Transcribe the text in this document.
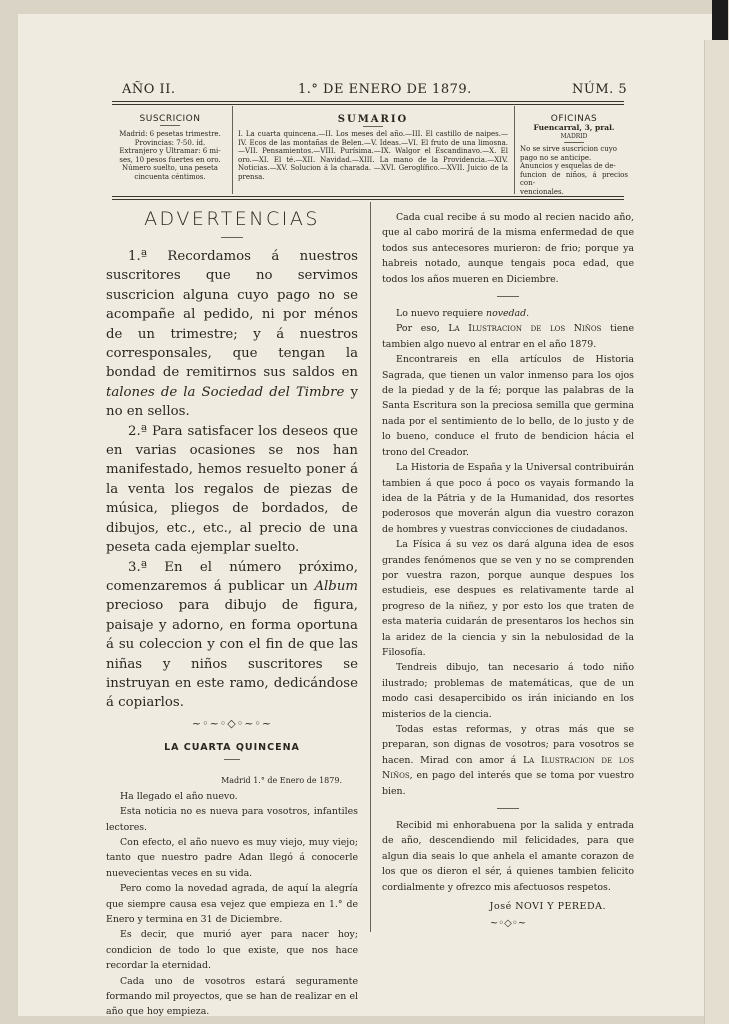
AÑO II.	1.° DE ENERO DE 1879.	NÚM. 5
SUSCRICION
Madrid: 6 pesetas trimestre.
Provincias: 7·50. íd.
Extranjero y Ultramar: 6 mi-
ses, 10 pesos fuertes en oro.
Número suelto, una peseta
cincuenta céntimos.
SUMARIO
I. La cuarta quincena.—II. Los meses del año.—III. El castillo de naipes.—IV. Ecos de las montañas de Belen.—V. Ideas.—VI. El fruto de una limosna.—VII. Pensamientos.—VIII. Purísima.—IX. Walgor el Escandinavo.—X. El oro.—XI. El té.—XII. Navidad.—XIII. La mano de la Providencia.—XIV. Noticias.—XV. Solucion á la charada. —XVI. Geroglífico.—XVII. Juicio de la prensa.
OFICINAS
Fuencarral, 3, pral.
MADRID
No se sirve suscricion cuyo
pago no se anticipe.
Anuncios y esquelas de de-
funcion de niños, á precios con-
vencionales.
ADVERTENCIAS

1.ª Recordamos á nuestros suscritores que no servimos suscricion alguna cuyo pago no se acompañe al pedido, ni por ménos de un trimestre; y á nuestros corresponsales, que tengan la bondad de remitirnos sus saldos en talones de la Sociedad del Timbre y no en sellos.

2.ª Para satisfacer los deseos que en varias ocasiones se nos han manifestado, hemos resuelto poner á la venta los regalos de piezas de música, pliegos de bordados, de dibujos, etc., etc., al precio de una peseta cada ejemplar suelto.

3.ª En el número próximo, comenzaremos á publicar un Album precioso para dibujo de figura, paisaje y adorno, en forma oportuna á su coleccion y con el fin de que las niñas y niños suscritores se instruyan en este ramo, dedicándose á copiarlos.

~◦~◦◇◦~◦~
LA CUARTA QUINCENA
Madrid 1.° de Enero de 1879.

Ha llegado el año nuevo.

Esta noticia no es nueva para vosotros, infantiles lectores.

Con efecto, el año nuevo es muy viejo, muy viejo; tanto que nuestro padre Adan llegó á conocerle nuevecientas veces en su vida.

Pero como la novedad agrada, de aquí la alegría que siempre causa esa vejez que empieza en 1.° de Enero y termina en 31 de Diciembre.

Es decir, que murió ayer para nacer hoy; condicion de todo lo que existe, que nos hace recordar la eternidad.

Cada uno de vosotros estará seguramente formando mil proyectos, que se han de realizar en el año que hoy empieza.

Cada cual recibe á su modo al recien nacido año, que al cabo morirá de la misma enfermedad de que todos sus antecesores murieron: de frio; porque ya habreis notado, aunque tengais poca edad, que todos los años mueren en Diciembre.

Lo nuevo requiere novedad.

Por eso, La Ilustracion de los Niños tiene tambien algo nuevo al entrar en el año 1879.

Encontrareis en ella artículos de Historia Sagrada, que tienen un valor inmenso para los ojos de la piedad y de la fé; porque las palabras de la Santa Escritura son la preciosa semilla que germina nada por el sentimiento de lo bello, de lo justo y de lo bueno, conduce el fruto de bendicion hácia el trono del Creador.

La Historia de España y la Universal contribuirán tambien á que poco á poco os vayais formando la idea de la Pátria y de la Humanidad, dos resortes poderosos que moverán algun dia vuestro corazon de hombres y vuestras convicciones de ciudadanos.

La Física á su vez os dará alguna idea de esos grandes fenómenos que se ven y no se comprenden por vuestra razon, porque aunque despues los estudieis, ese despues es relativamente tarde al progreso de la niñez, y por esto los que traten de esta materia cuidarán de presentaros los hechos sin la aridez de la ciencia y sin la nebulosidad de la Filosofía.

Tendreis dibujo, tan necesario á todo niño ilustrado; problemas de matemáticas, que de un modo casi desapercibido os irán iniciando en los misterios de la ciencia.

Todas estas reformas, y otras más que se preparan, son dignas de vosotros; para vosotros se hacen. Mirad con amor á La Ilustracion de los Niños, en pago del interés que se toma por vuestro bien.

Recibid mi enhorabuena por la salida y entrada de año, descendiendo mil felicidades, para que algun dia seais lo que anhela el amante corazon de los que os dieron el sér, á quienes tambien felicito cordialmente y ofrezco mis afectuosos respetos.

José NOVI Y PEREDA.
~◦◇◦~
